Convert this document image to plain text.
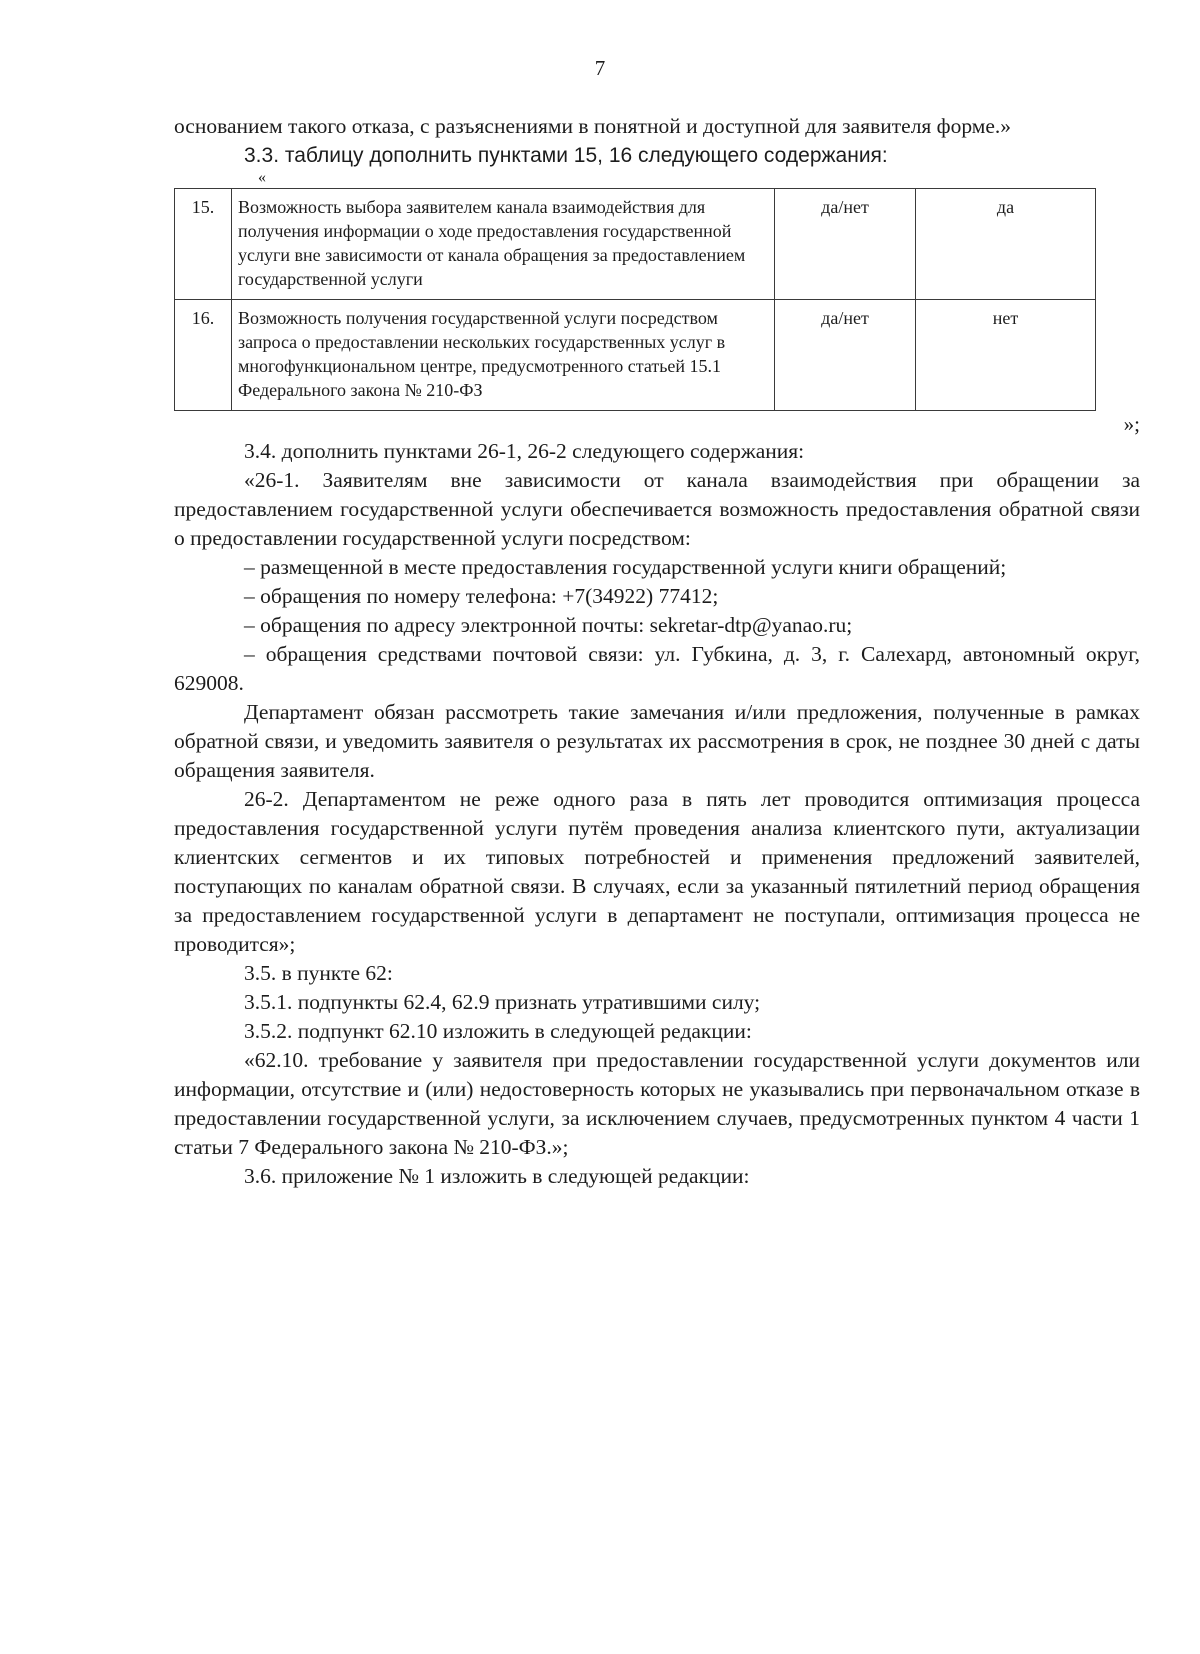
7

основанием такого отказа, с разъяснениями в понятной и доступной для заявителя форме.»

3.3. таблицу дополнить пунктами 15, 16 следующего содержания:

«

15.	Возможность выбора заявителем канала взаимодействия для получения информации о ходе предоставления государственной услуги вне зависимости от канала обращения за предоставлением государственной услуги	да/нет	да
16.	Возможность получения государственной услуги посредством запроса о предоставлении нескольких государственных услуг в многофункциональном центре, предусмотренного статьей 15.1 Федерального закона № 210-ФЗ	да/нет	нет

»;

3.4. дополнить пунктами 26-1, 26-2 следующего содержания:

«26-1. Заявителям вне зависимости от канала взаимодействия при обращении за предоставлением государственной услуги обеспечивается возможность предоставления обратной связи о предоставлении государственной услуги посредством:

– размещенной в месте предоставления государственной услуги книги обращений;

– обращения по номеру телефона: +7(34922) 77412;

– обращения по адресу электронной почты: sekretar-dtp@yanao.ru;

– обращения средствами почтовой связи: ул. Губкина, д. 3, г. Салехард, автономный округ, 629008.

Департамент обязан рассмотреть такие замечания и/или предложения, полученные в рамках обратной связи, и уведомить заявителя о результатах их рассмотрения в срок, не позднее 30 дней с даты обращения заявителя.

26-2. Департаментом не реже одного раза в пять лет проводится оптимизация процесса предоставления государственной услуги путём проведения анализа клиентского пути, актуализации клиентских сегментов и их типовых потребностей и применения предложений заявителей, поступающих по каналам обратной связи. В случаях, если за указанный пятилетний период обращения за предоставлением государственной услуги в департамент не поступали, оптимизация процесса не проводится»;

3.5. в пункте 62:

3.5.1. подпункты 62.4, 62.9 признать утратившими силу;

3.5.2. подпункт 62.10 изложить в следующей редакции:

«62.10. требование у заявителя при предоставлении государственной услуги документов или информации, отсутствие и (или) недостоверность которых не указывались при первоначальном отказе в предоставлении государственной услуги, за исключением случаев, предусмотренных пунктом 4 части 1 статьи 7 Федерального закона № 210-ФЗ.»;

3.6. приложение № 1 изложить в следующей редакции:
